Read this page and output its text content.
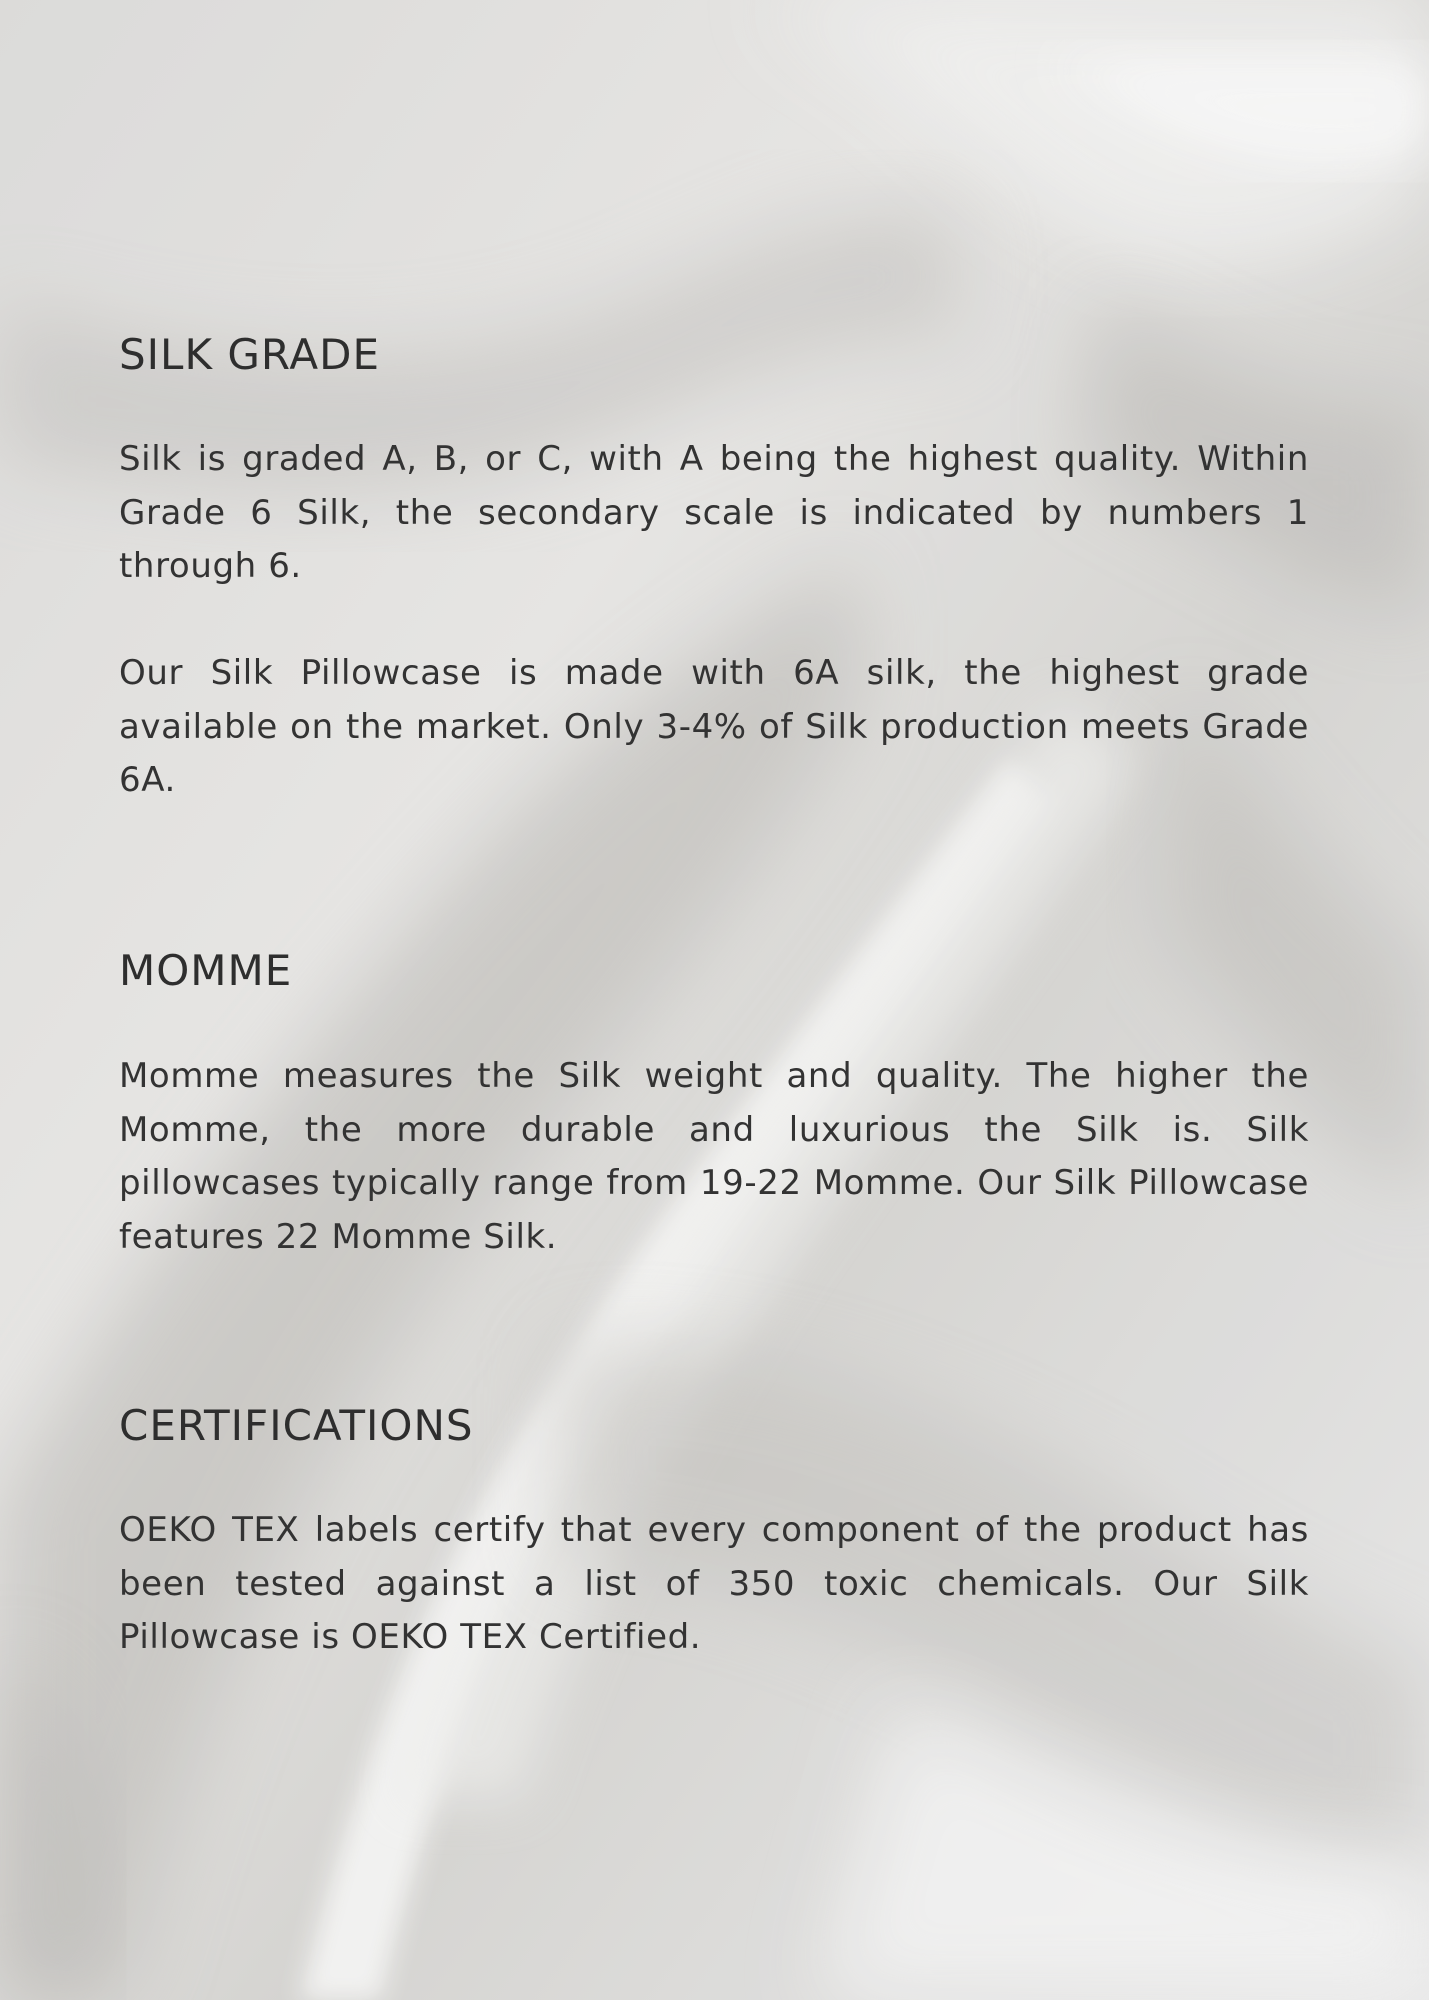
SILK GRADE

Silk is graded A, B, or C, with A being the highest quality. Within Grade 6 Silk, the secondary scale is indicated by numbers 1 through 6.

Our Silk Pillowcase is made with 6A silk, the highest grade available on the market. Only 3-4% of Silk production meets Grade 6A.

MOMME

Momme measures the Silk weight and quality. The higher the Momme, the more durable and luxurious the Silk is. Silk pillowcases typically range from 19-22 Momme. Our Silk Pillowcase features 22 Momme Silk.

CERTIFICATIONS

OEKO TEX labels certify that every component of the product has been tested against a list of 350 toxic chemicals. Our Silk Pillowcase is OEKO TEX Certified.
